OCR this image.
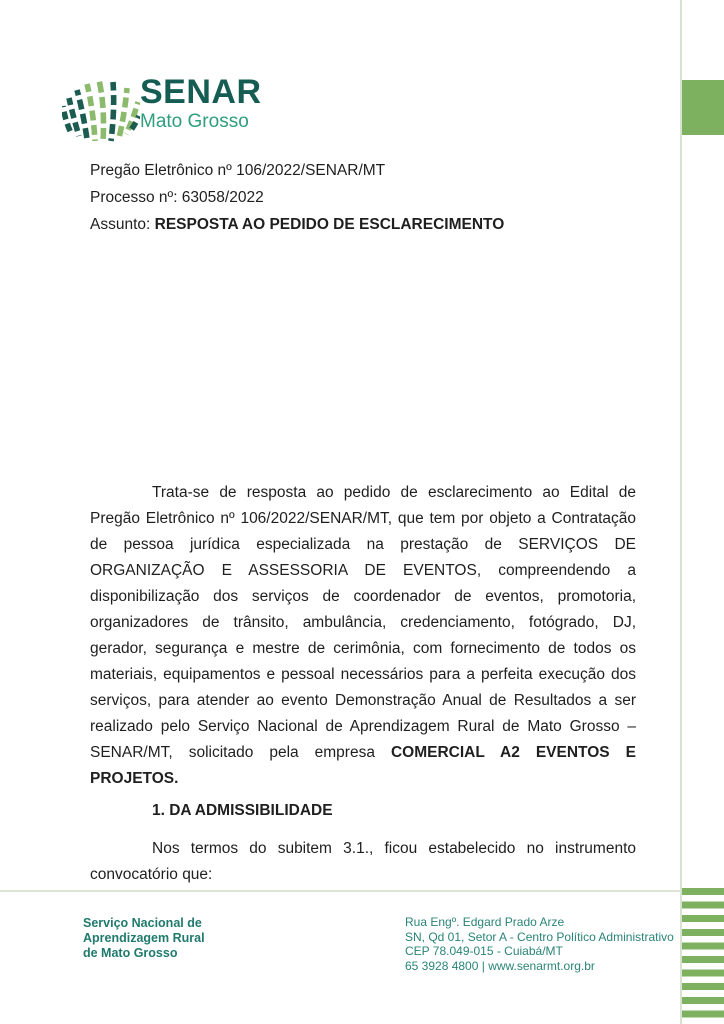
SENAR
Mato Grosso
Pregão Eletrônico nº 106/2022/SENAR/MT
Processo nº: 63058/2022
Assunto: RESPOSTA AO PEDIDO DE ESCLARECIMENTO

Trata-se de resposta ao pedido de esclarecimento ao Edital de Pregão Eletrônico nº 106/2022/SENAR/MT, que tem por objeto a Contratação de pessoa jurídica especializada na prestação de SERVIÇOS DE ORGANIZAÇÃO E ASSESSORIA DE EVENTOS, compreendendo a disponibilização dos serviços de coordenador de eventos, promotoria, organizadores de trânsito, ambulância, credenciamento, fotógrado, DJ, gerador, segurança e mestre de cerimônia, com fornecimento de todos os materiais, equipamentos e pessoal necessários para a perfeita execução dos serviços, para atender ao evento Demonstração Anual de Resultados a ser realizado pelo Serviço Nacional de Aprendizagem Rural de Mato Grosso – SENAR/MT, solicitado pela empresa COMERCIAL A2 EVENTOS E PROJETOS.

1. DA ADMISSIBILIDADE

Nos termos do subitem 3.1., ficou estabelecido no instrumento convocatório que:

Serviço Nacional de
Aprendizagem Rural
de Mato Grosso
Rua Engº. Edgard Prado Arze
SN, Qd 01, Setor A - Centro Político Administrativo
CEP 78.049-015 - Cuiabá/MT
65 3928 4800 | www.senarmt.org.br
